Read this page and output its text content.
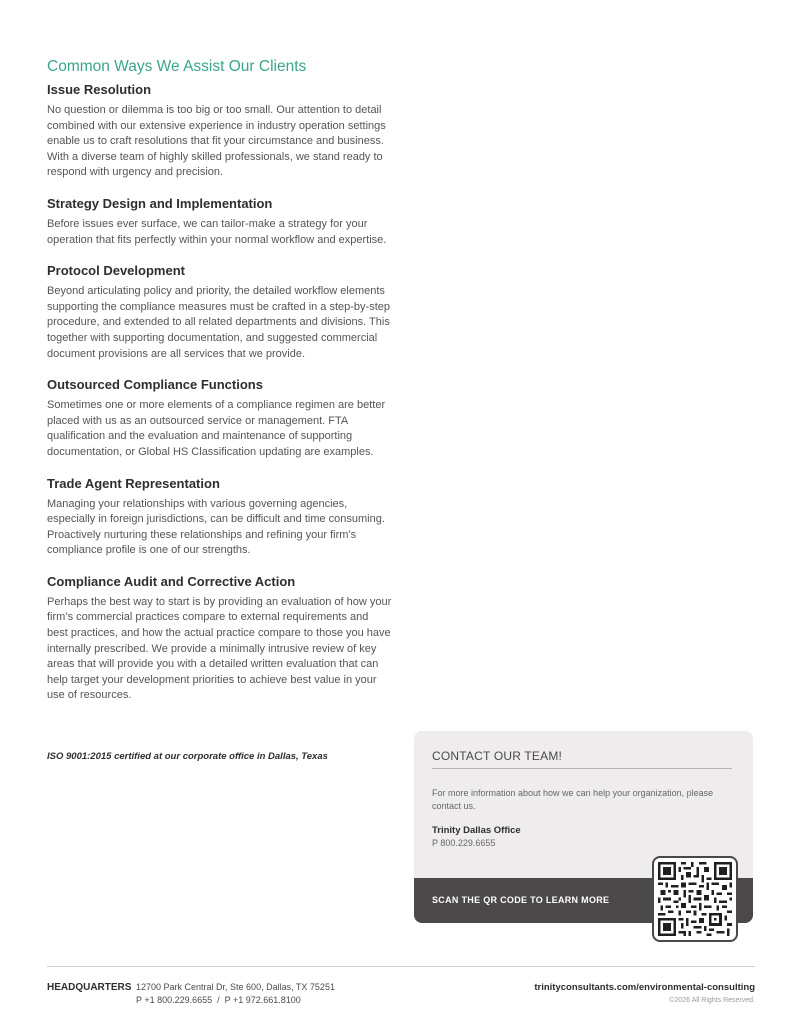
Common Ways We Assist Our Clients
Issue Resolution

No question or dilemma is too big or too small. Our attention to detail combined with our extensive experience in industry operation settings enable us to craft resolutions that fit your circumstance and business. With a diverse team of highly skilled professionals, we stand ready to respond with urgency and precision.

Strategy Design and Implementation

Before issues ever surface, we can tailor-make a strategy for your operation that fits perfectly within your normal workflow and expertise.

Protocol Development

Beyond articulating policy and priority, the detailed workflow elements supporting the compliance measures must be crafted in a step-by-step procedure, and extended to all related departments and divisions. This together with supporting documentation, and suggested commercial document provisions are all services that we provide.

Outsourced Compliance Functions

Sometimes one or more elements of a compliance regimen are better placed with us as an outsourced service or management. FTA qualification and the evaluation and maintenance of supporting documentation, or Global HS Classification updating are examples.

Trade Agent Representation

Managing your relationships with various governing agencies, especially in foreign jurisdictions, can be difficult and time consuming. Proactively nurturing these relationships and refining your firm’s compliance profile is one of our strengths.

Compliance Audit and Corrective Action

Perhaps the best way to start is by providing an evaluation of how your firm’s commercial practices compare to external requirements and best practices, and how the actual practice compare to those you have internally prescribed. We provide a minimally intrusive review of key areas that will provide you with a detailed written evaluation that can help target your development priorities to achieve best value in your use of resources.

ISO 9001:2015 certified at our corporate office in Dallas, Texas	CONTACT OUR TEAM!
For more information about how we can help your organization, please contact us.
Trinity Dallas Office
P 800.229.6655
SCAN THE QR CODE TO LEARN MORE
HEADQUARTERS 12700 Park Central Dr, Ste 600, Dallas, TX 75251
P +1 800.229.6655  /  P +1 972.661.8100
trinityconsultants.com/environmental-consulting
©2026 All Rights Reserved.
